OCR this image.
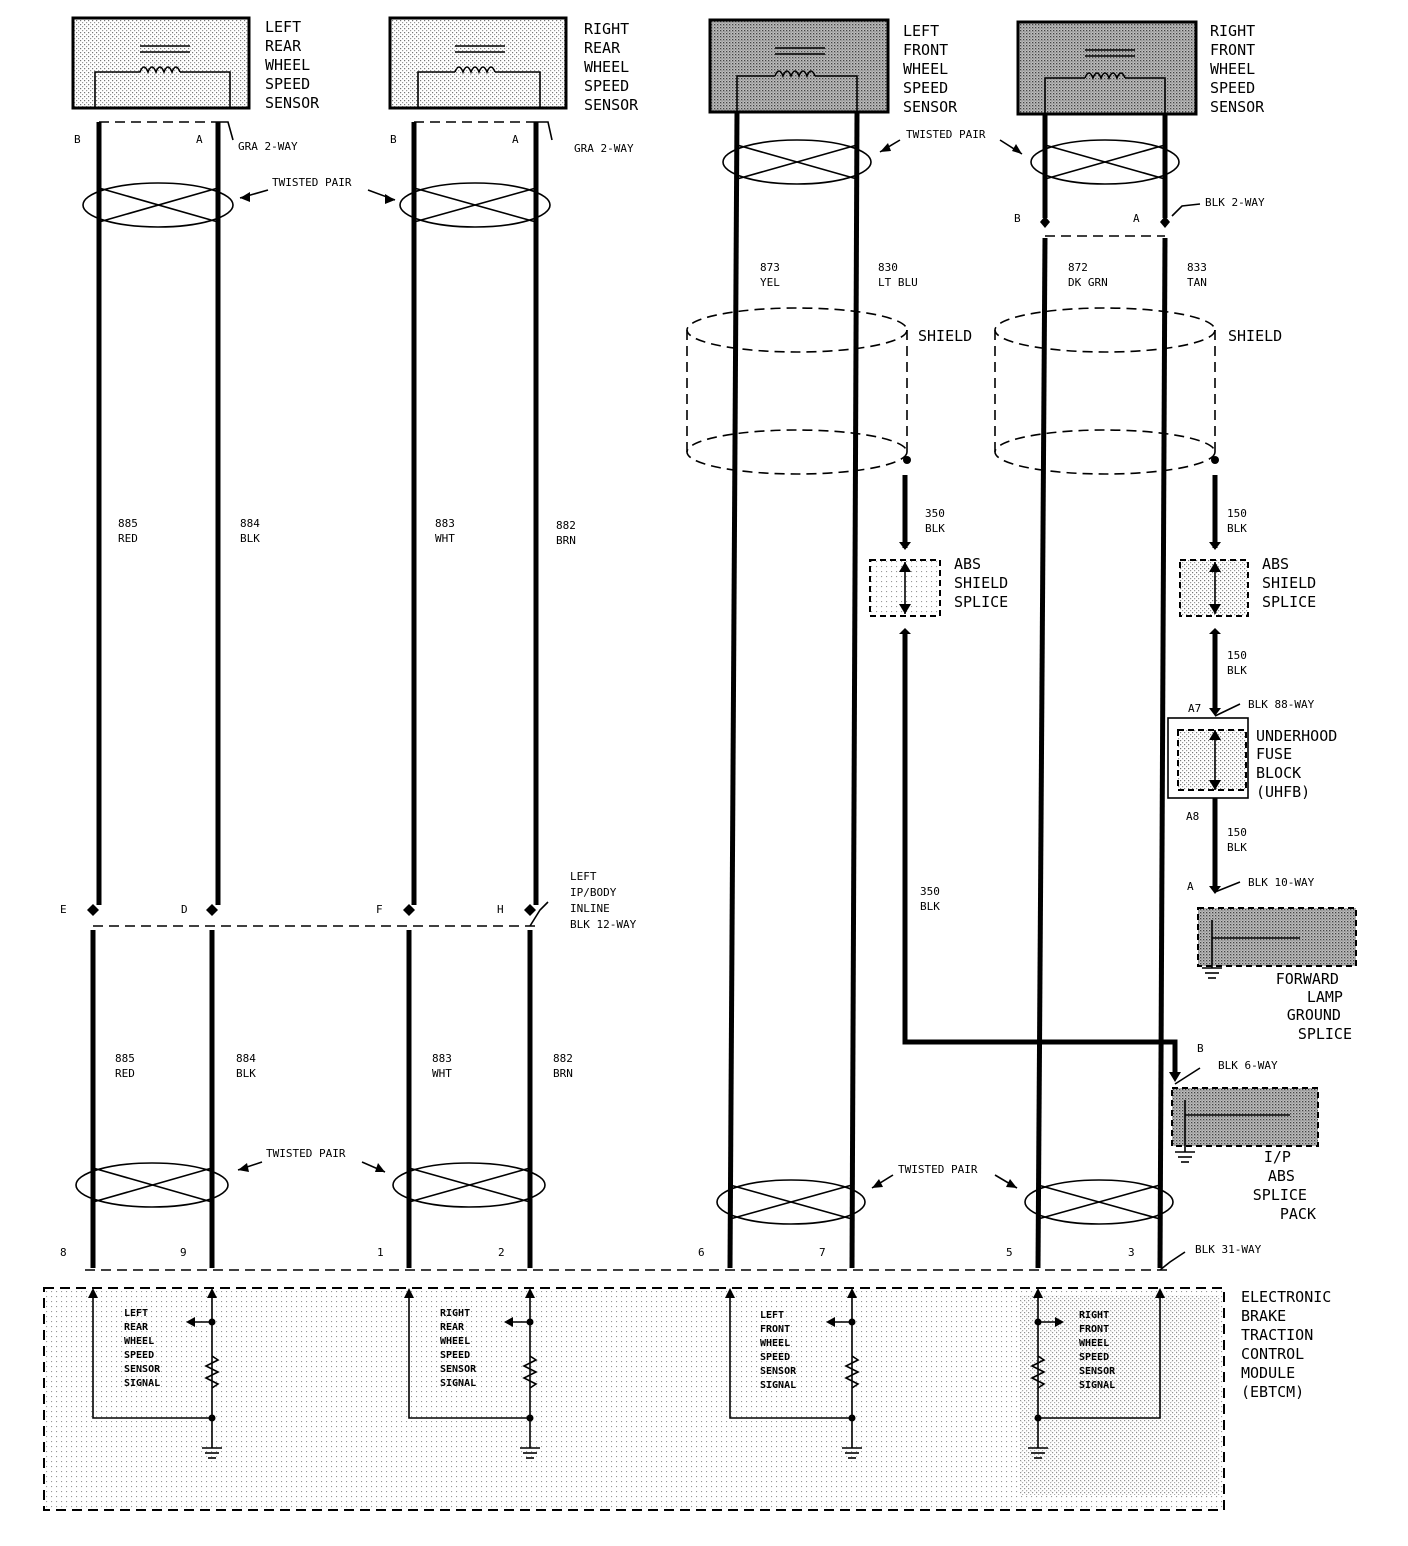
LEFT REAR WHEEL SPEED SENSOR
RIGHT REAR WHEEL SPEED SENSOR
LEFT FRONT WHEEL SPEED SENSOR
RIGHT FRONT WHEEL SPEED SENSOR
B	A	B	A
B	A
GRA 2-WAY	GRA 2-WAY
BLK 2-WAY
TWISTED PAIR
TWISTED PAIR
TWISTED PAIR
TWISTED PAIR
885 RED
884 BLK
883 WHT
882 BRN
873 YEL
830 LT BLU
872 DK GRN
833 TAN
SHIELD	SHIELD
350 BLK
350 BLK
150 BLK
150 BLK
150 BLK
ABS SHIELD SPLICE
ABS SHIELD SPLICE
A7	BLK 88-WAY
UNDERHOOD FUSE BLOCK (UHFB)
A8
A	BLK 10-WAY
FORWARD LAMP GROUND SPLICE
B
BLK 6-WAY
I/P ABS SPLICE PACK
E	D	F	H
LEFT IP/BODY INLINE BLK 12-WAY
885 RED
884 BLK
883 WHT
882 BRN
8	9	1	2	6	7	5	3	BLK 31-WAY
ELECTRONIC BRAKE TRACTION CONTROL MODULE (EBTCM)
LEFT REAR WHEEL SPEED SENSOR SIGNAL
RIGHT REAR WHEEL SPEED SENSOR SIGNAL
LEFT FRONT WHEEL SPEED SENSOR SIGNAL
RIGHT FRONT WHEEL SPEED SENSOR SIGNAL
